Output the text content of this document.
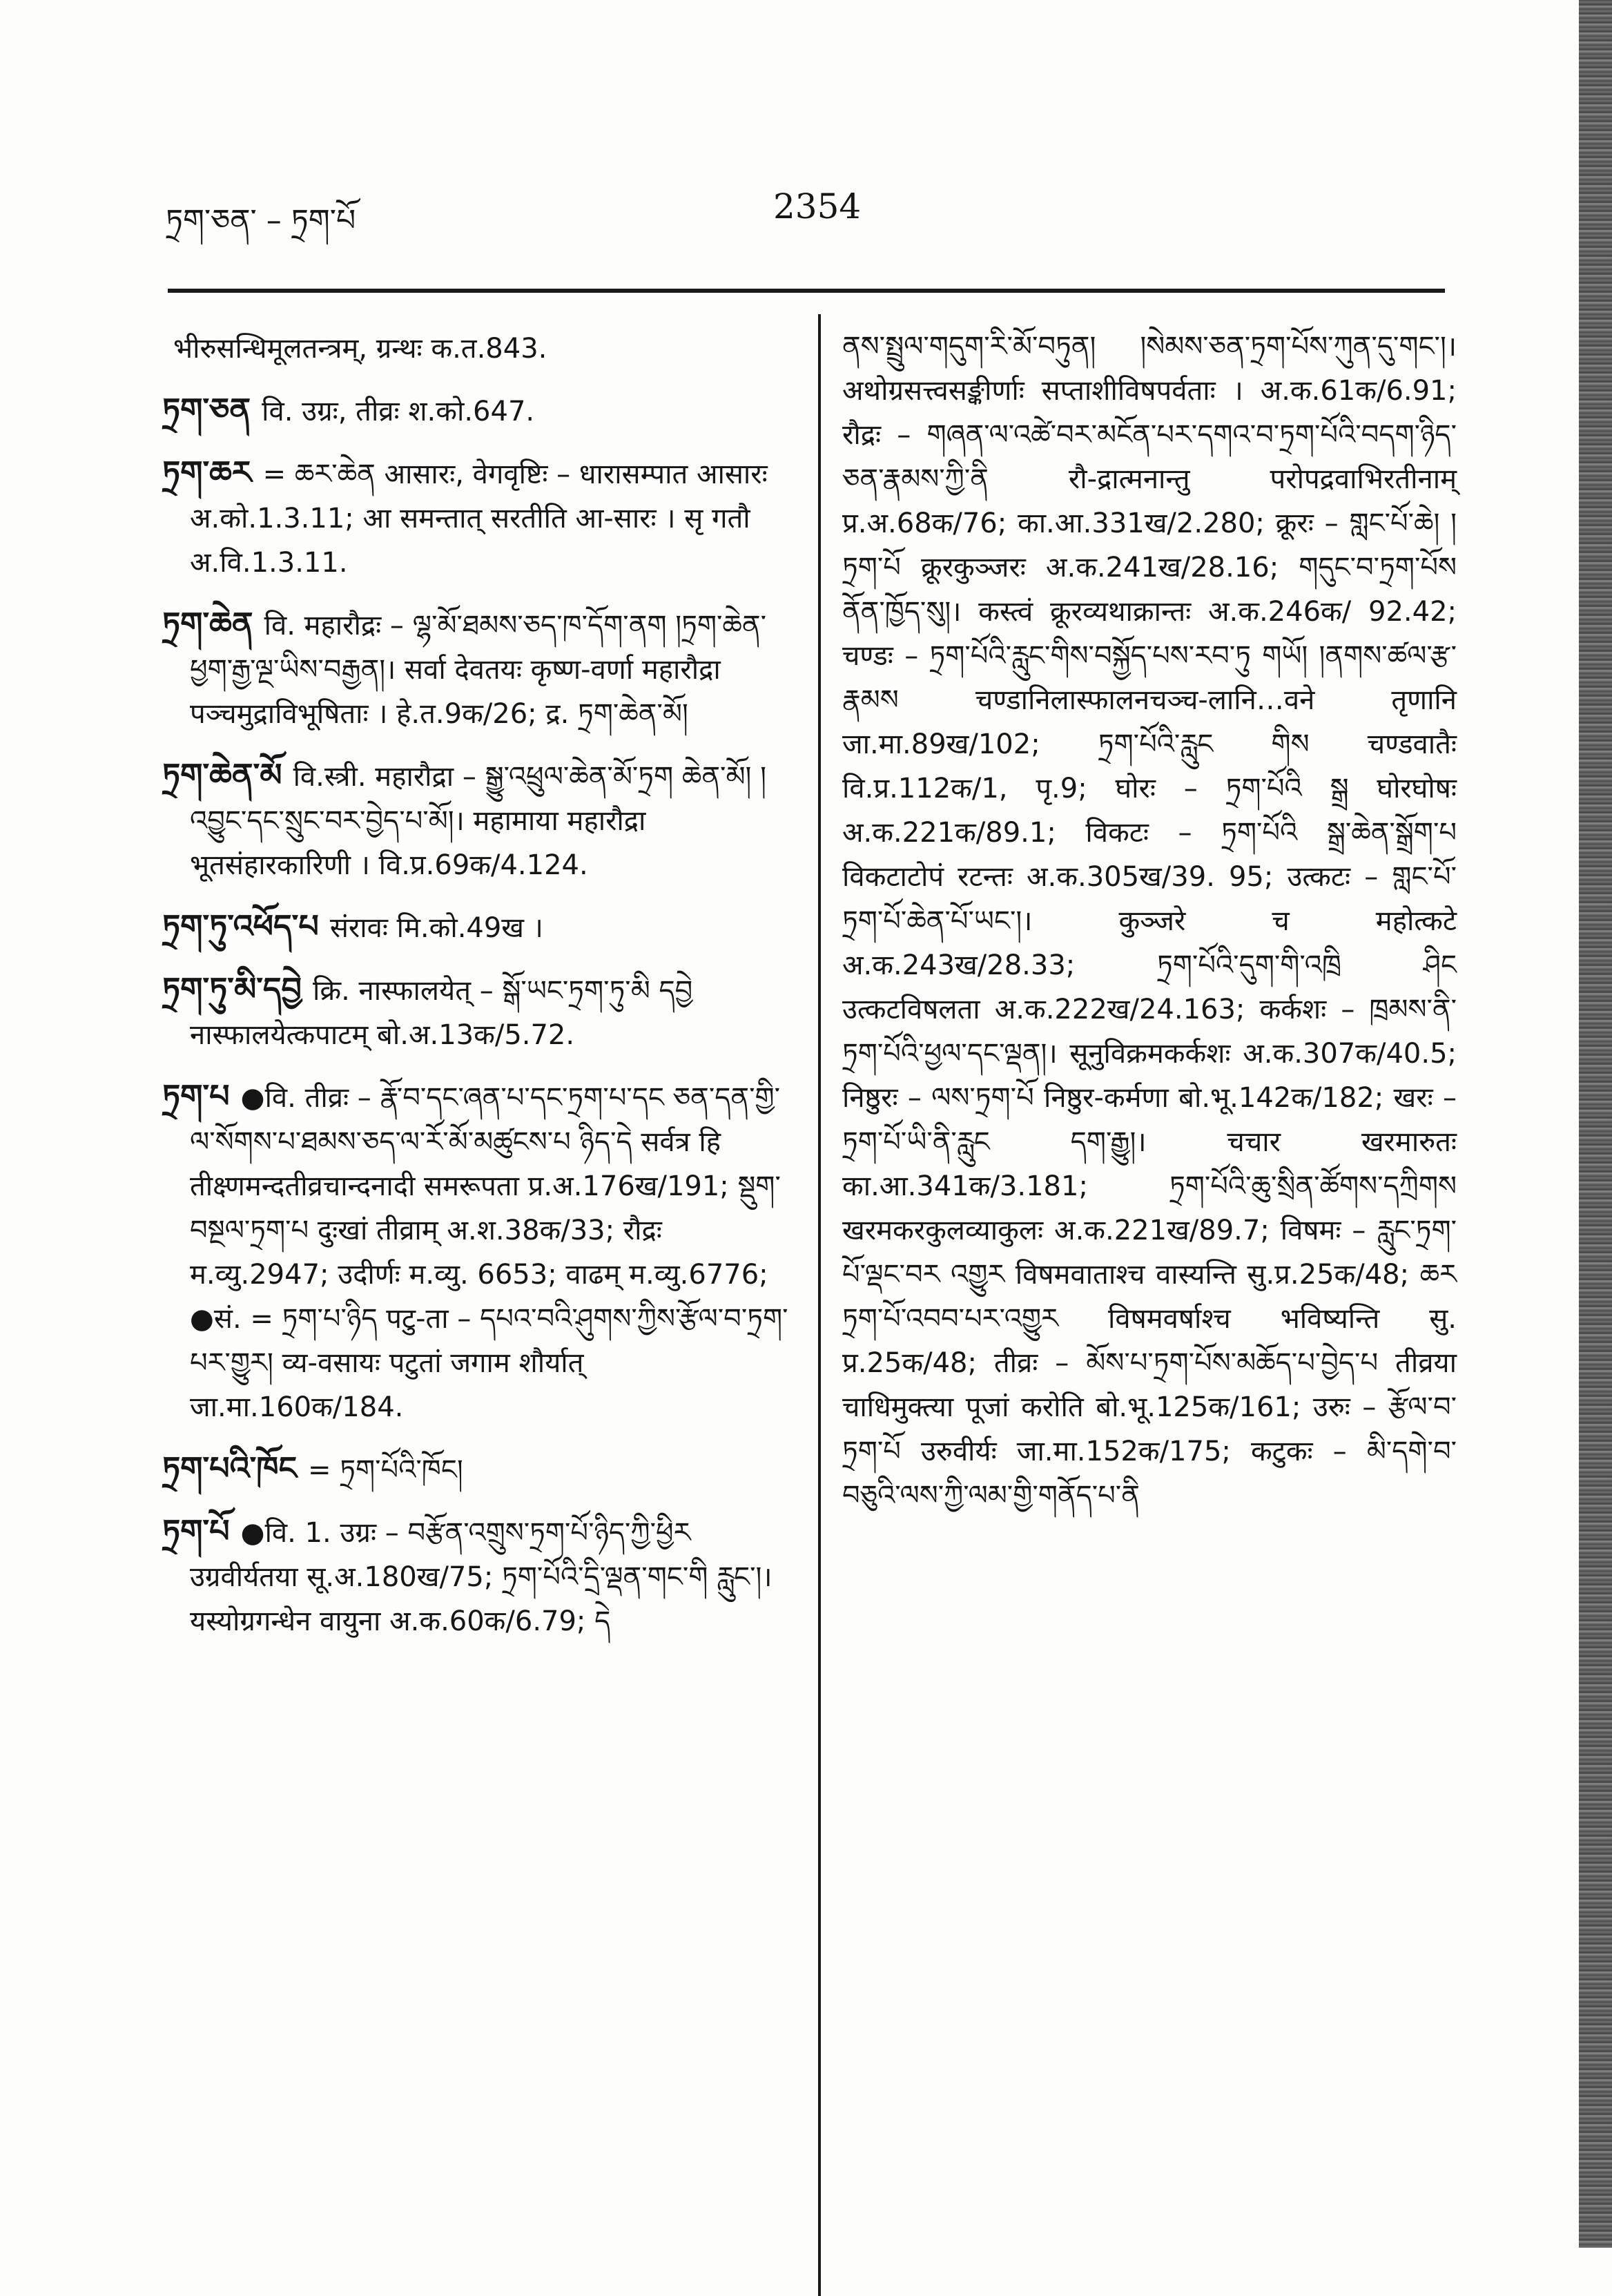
ཏྲག་ཅན་ – ཏྲག་པོ	2354

भीरुसन्धिमूलतन्त्रम्, ग्रन्थः क.त.843.

ཏྲག་ཅན वि. उग्रः, तीव्रः श.को.647.

ཏྲག་ཆར = ཆར་ཆེན आसारः, वेगवृष्टिः – धारासम्पात आसारः अ.को.1.3.11; आ समन्तात् सरतीति आ-सारः । सृ गतौ अ.वि.1.3.11.

ཏྲག་ཆེན वि. महारौद्रः – ལྷ་མོ་ཐམས་ཅད་ཁ་དོག་ནག །ཏྲག་ཆེན་ཕྱག་རྒྱ་ལྔ་ཡིས་བརྒྱན།। सर्वा देवतयः कृष्ण-वर्णा महारौद्रा पञ्चमुद्राविभूषिताः । हे.त.9क/26; द्र. ཏྲག་ཆེན་མོ།

ཏྲག་ཆེན་མོ वि.स्त्री. महारौद्रा – སྒྱུ་འཕྲུལ་ཆེན་མོ་ཏྲག ཆེན་མོ། །འབྱུང་དང་སྲུང་བར་བྱེད་པ་མོ།। महामाया महारौद्रा भूतसंहारकारिणी । वि.प्र.69क/4.124.

ཏྲག་ཏུ་འཕོད་པ संरावः मि.को.49ख ।

ཏྲག་ཏུ་མི་དབྱེ क्रि. नास्फालयेत् – སྒོ་ཡང་ཏྲག་ཏུ་མི དབྱེ नास्फालयेत्कपाटम् बो.अ.13क/5.72.

ཏྲག་པ ●वि. तीव्रः – རྣོ་བ་དང་ཞན་པ་དང་ཏྲག་པ་དང ཅན་དན་གྱི་ལ་སོགས་པ་ཐམས་ཅད་ལ་རོ་མོ་མཚུངས་པ ཉིད་དེ सर्वत्र हि तीक्ष्णमन्दतीव्रचान्दनादी समरूपता प्र.अ.176ख/191; སྡུག་བསྔལ་ཏྲག་པ दुःखां तीव्राम् अ.श.38क/33; रौद्रः म.व्यु.2947; उदीर्णः म.व्यु. 6653; वाढम् म.व्यु.6776; ●सं. = ཏྲག་པ་ཉིད पटु-ता – དཔའ་བའི་ཤུགས་ཀྱིས་རྩོལ་བ་ཏྲག་པར་གྱུར། व्य-वसायः पटुतां जगाम शौर्यात् जा.मा.160क/184.

ཏྲག་པའི་ཁོང = ཏྲག་པོའི་ཁོང།

ཏྲག་པོ ●वि. 1. उग्रः – བརྩོན་འགྲུས་ཏྲག་པོ་ཉིད་ཀྱི་ཕྱིར उग्रवीर्यतया सू.अ.180ख/75; ཏྲག་པོའི་དྲི་ལྡན་གང་གི རླུང་།। यस्योग्रगन्धेन वायुना अ.क.60क/6.79; དེ

ནས་སྤྲུལ་གདུག་རི་མོ་བཏུན། །སེམས་ཅན་ཏྲག་པོས་ཀུན་དུ་གང་།। अथोग्रसत्त्वसङ्कीर्णाः सप्ताशीविषपर्वताः । अ.क.61क/6.91; रौद्रः – གཞན་ལ་འཚེ་བར་མངོན་པར་དགའ་བ་ཏྲག་པོའི་བདག་ཉིད་ཅན་རྣམས་ཀྱི་ནི रौ-द्रात्मनान्तु परोपद्रवाभिरतीनाम् प्र.अ.68क/76; का.आ.331ख/2.280; क्रूरः – གླང་པོ་ཆེ། །ཏྲག་པོ क्रूरकुञ्जरः अ.क.241ख/28.16; གདུང་བ་ཏྲག་པོས ནོན་ཁྱོད་སུ།। कस्त्वं क्रूरव्यथाक्रान्तः अ.क.246क/ 92.42; चण्डः – ཏྲག་པོའི་རླུང་གིས་བསྐྱོད་པས་རབ་ཏུ གཡོ། །ནགས་ཚལ་རྩ་རྣམས चण्डानिलास्फालनचञ्च-लानि…वने तृणानि जा.मा.89ख/102; ཏྲག་པོའི་རླུང གིས चण्डवातैः वि.प्र.112क/1, पृ.9; घोरः – ཏྲག་པོའི སྒྲ घोरघोषः अ.क.221क/89.1; विकटः – ཏྲག་པོའི སྒྲ་ཆེན་སྒྲོག་པ विकटाटोपं रटन्तः अ.क.305ख/39. 95; उत्कटः – གླང་པོ་ཏྲག་པོ་ཆེན་པོ་ཡང་།। कुञ्जरे च महोत्कटे अ.क.243ख/28.33; ཏྲག་པོའི་དུག་གི་འཁྲི ཤིང उत्कटविषलता अ.क.222ख/24.163; कर्कशः – ཁྲམས་ནི་ཏྲག་པོའི་ཕྱལ་དང་ལྡན།। सूनुविक्रमकर्कशः अ.क.307क/40.5; निष्ठुरः – ལས་ཏྲག་པོ निष्ठुर-कर्मणा बो.भू.142क/182; खरः – ཏྲག་པོ་ཡི་ནི་རླུང དག་རྒྱུ།। चचार खरमारुतः का.आ.341क/3.181; ཏྲག་པོའི་ཆུ་སྲིན་ཚོགས་དཀྲིགས खरमकरकुलव्याकुलः अ.क.221ख/89.7; विषमः – རླུང་ཏྲག་པོ་ལྡང་བར འགྱུར विषमवाताश्च वास्यन्ति सु.प्र.25क/48; ཆར ཏྲག་པོ་འབབ་པར་འགྱུར विषमवर्षाश्च भविष्यन्ति सु. प्र.25क/48; तीव्रः – མོས་པ་ཏྲག་པོས་མཆོད་པ་བྱེད་པ तीव्रया चाधिमुक्त्या पूजां करोति बो.भू.125क/161; उरुः – རྩོལ་བ་ཏྲག་པོ उरुवीर्यः जा.मा.152क/175; कटुकः – མི་དགེ་བ་བཅུའི་ལས་ཀྱི་ལམ་གྱི་གནོད་པ་ནི
